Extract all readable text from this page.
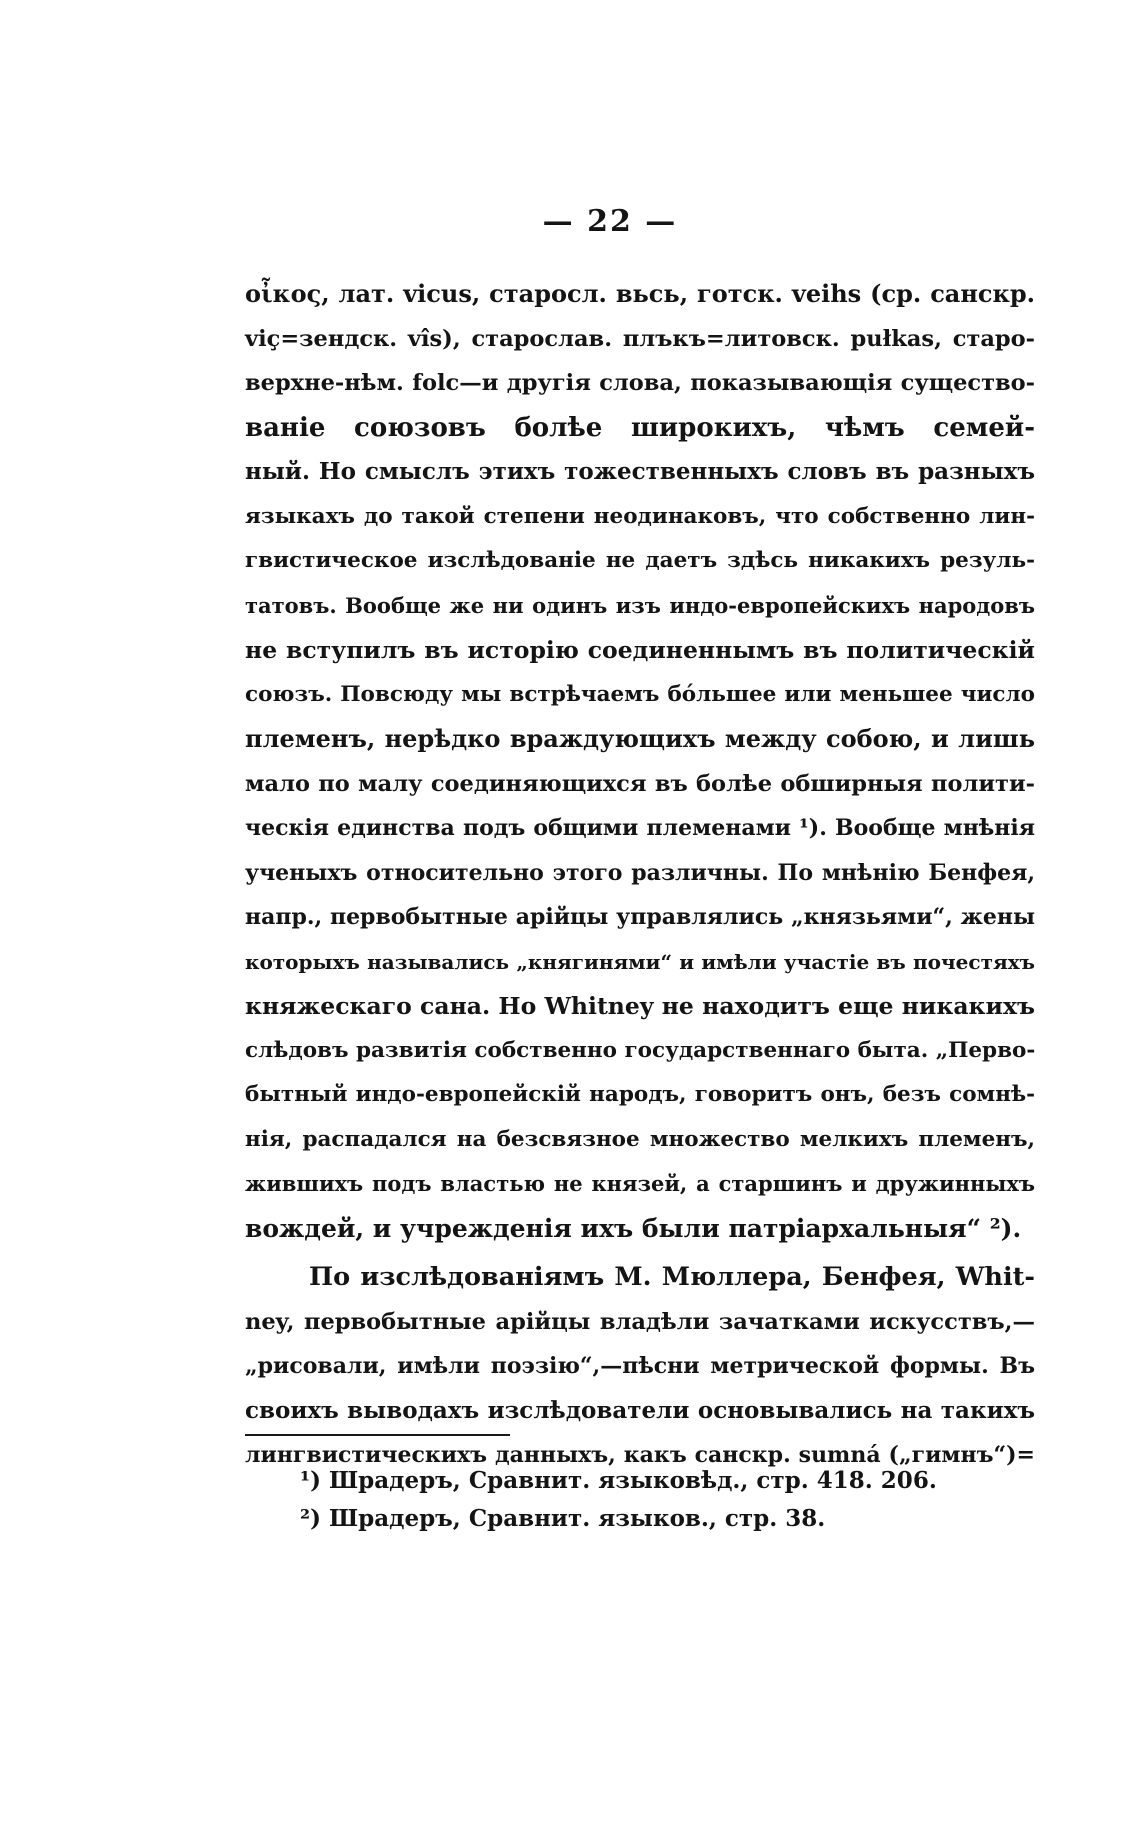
— 22 —
οἶκος, лат. vicus, старосл. вьсь, готск. veihs (ср. санскр.
viç=зендск. vîs), старослав. плъкъ=литовск. pułkas, старо-
верхне-нѣм. folc—и другія слова, показывающія существо-
ваніе союзовъ болѣе широкихъ, чѣмъ семей-
ный. Но смыслъ этихъ тожественныхъ словъ въ разныхъ
языкахъ до такой степени неодинаковъ, что собственно лин-
гвистическое изслѣдованіе не даетъ здѣсь никакихъ резуль-
татовъ. Вообще же ни одинъ изъ индо-европейскихъ народовъ
не вступилъ въ исторію соединеннымъ въ политическій
союзъ. Повсюду мы встрѣчаемъ бо́льшее или меньшее число
племенъ, нерѣдко враждующихъ между собою, и лишь
мало по малу соединяющихся въ болѣе обширныя полити-
ческія единства подъ общими племенами ¹). Вообще мнѣнія
ученыхъ относительно этого различны. По мнѣнію Бенфея,
напр., первобытные арійцы управлялись „князьями“, жены
которыхъ назывались „княгинями“ и имѣли участіе въ почестяхъ
княжескаго сана. Но Whitney не находитъ еще никакихъ
слѣдовъ развитія собственно государственнаго быта. „Перво-
бытный индо-европейскій народъ, говоритъ онъ, безъ сомнѣ-
нія, распадался на безсвязное множество мелкихъ племенъ,
жившихъ подъ властью не князей, а старшинъ и дружинныхъ
вождей, и учрежденія ихъ были патріархальныя“ ²).
По изслѣдованіямъ М. Мюллера, Бенфея, Whit-
ney, первобытные арійцы владѣли зачатками искусствъ,—
„рисовали, имѣли поэзію“,—пѣсни метрической формы. Въ
своихъ выводахъ изслѣдователи основывались на такихъ
лингвистическихъ данныхъ, какъ санскр. sumná („гимнъ“)=
¹) Шрадеръ, Сравнит. языковѣд., стр. 418. 206.
²) Шрадеръ, Сравнит. языков., стр. 38.
